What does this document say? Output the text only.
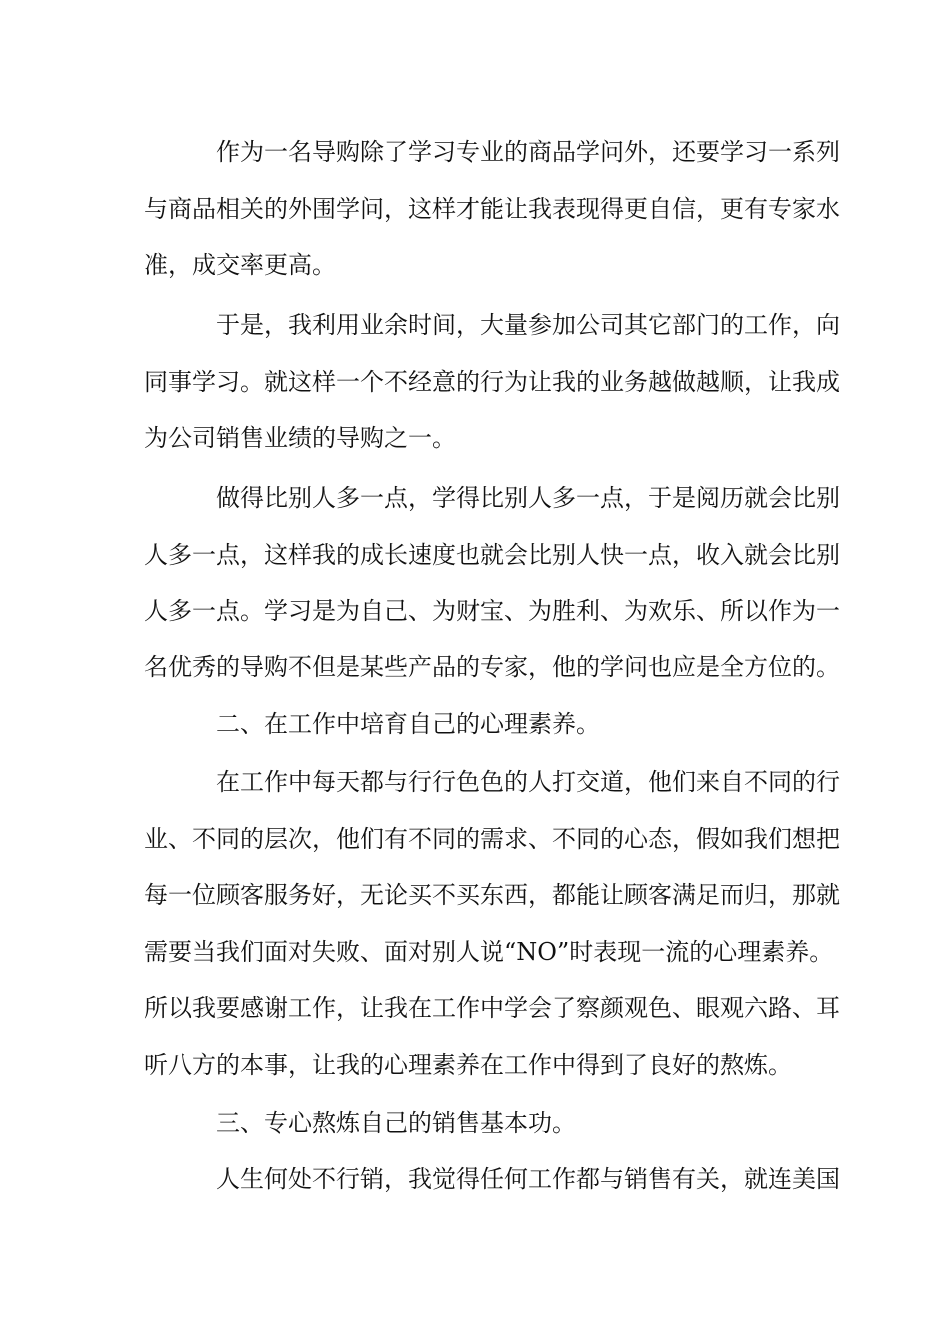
作为一名导购除了学习专业的商品学问外，还要学习一系列
与商品相关的外围学问，这样才能让我表现得更自信，更有专家水
准，成交率更高。
于是，我利用业余时间，大量参加公司其它部门的工作，向
同事学习。就这样一个不经意的行为让我的业务越做越顺，让我成
为公司销售业绩的导购之一。
做得比别人多一点，学得比别人多一点，于是阅历就会比别
人多一点，这样我的成长速度也就会比别人快一点，收入就会比别
人多一点。学习是为自己、为财宝、为胜利、为欢乐、所以作为一
名优秀的导购不但是某些产品的专家，他的学问也应是全方位的。
二、在工作中培育自己的心理素养。
在工作中每天都与行行色色的人打交道，他们来自不同的行
业、不同的层次，他们有不同的需求、不同的心态，假如我们想把
每一位顾客服务好，无论买不买东西，都能让顾客满足而归，那就
需要当我们面对失败、面对别人说“NO”时表现一流的心理素养。
所以我要感谢工作，让我在工作中学会了察颜观色、眼观六路、耳
听八方的本事，让我的心理素养在工作中得到了良好的熬炼。
三、专心熬炼自己的销售基本功。
人生何处不行销，我觉得任何工作都与销售有关，就连美国
